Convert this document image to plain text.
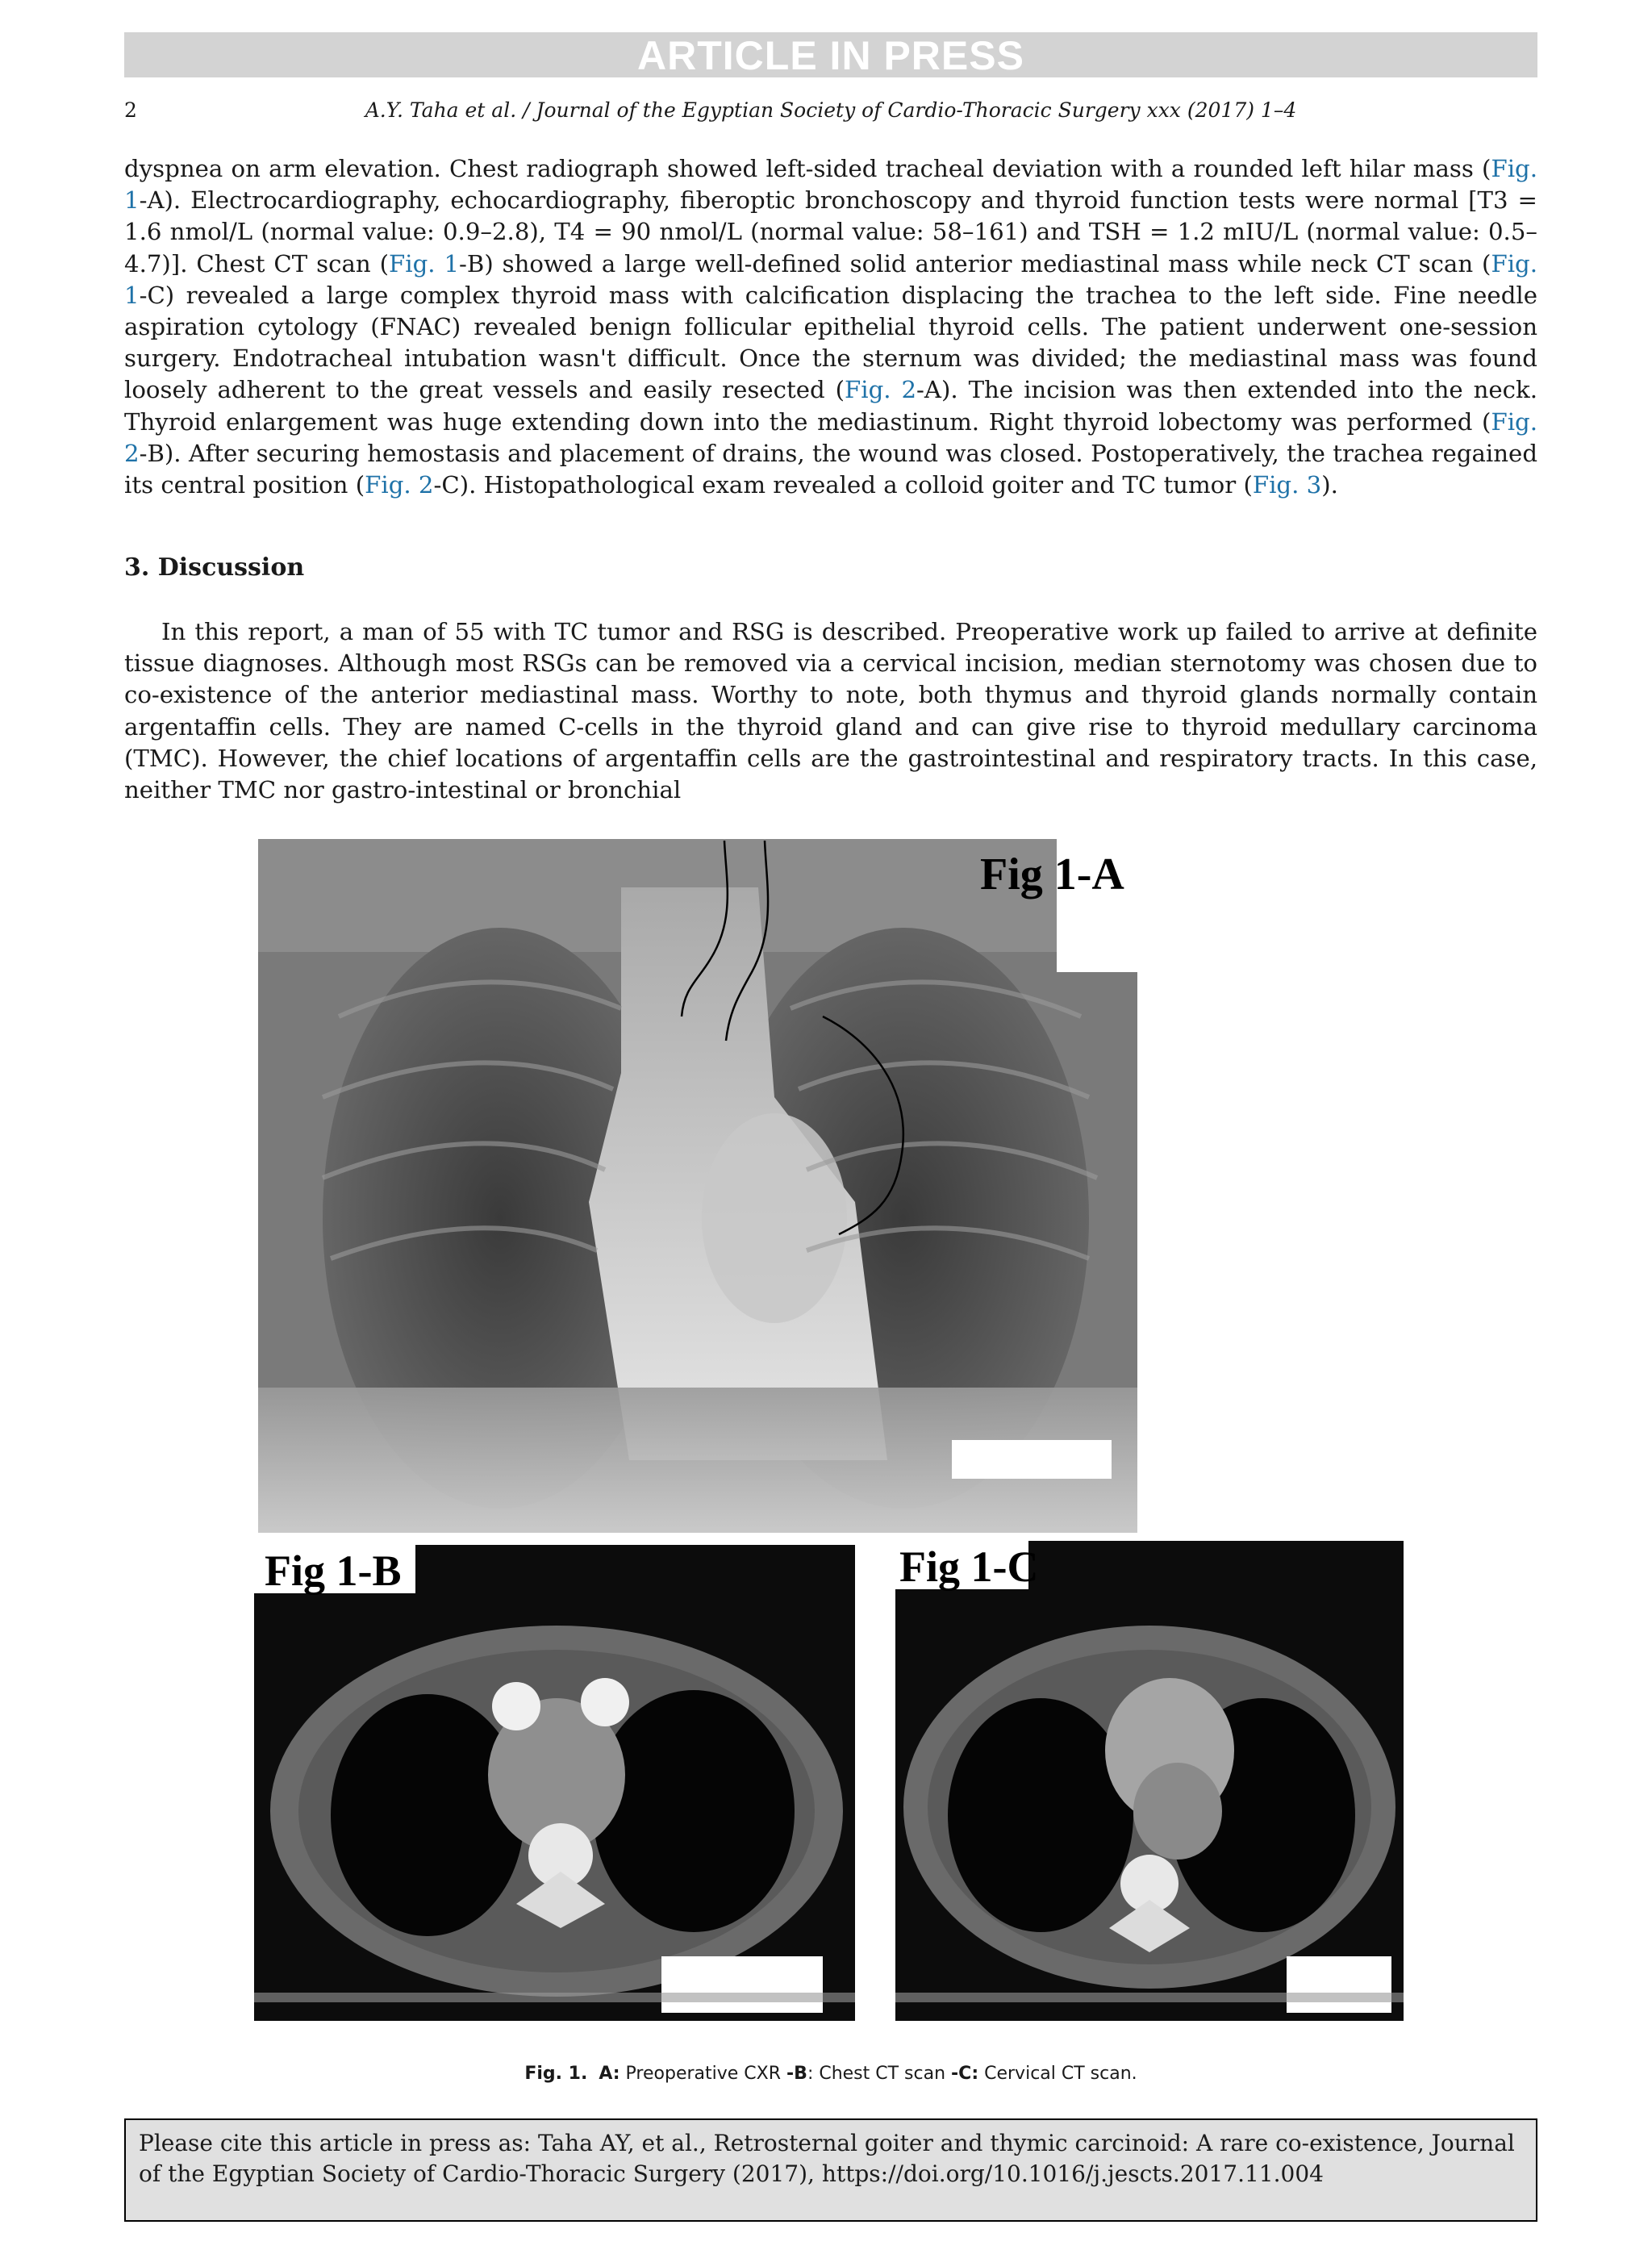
ARTICLE IN PRESS
2	A.Y. Taha et al. / Journal of the Egyptian Society of Cardio-Thoracic Surgery xxx (2017) 1–4

dyspnea on arm elevation. Chest radiograph showed left-sided tracheal deviation with a rounded left hilar mass (Fig. 1-A). Electrocardiography, echocardiography, fiberoptic bronchoscopy and thyroid function tests were normal [T3 = 1.6 nmol/L (normal value: 0.9–2.8), T4 = 90 nmol/L (normal value: 58–161) and TSH = 1.2 mIU/L (normal value: 0.5–4.7)]. Chest CT scan (Fig. 1-B) showed a large well-defined solid anterior mediastinal mass while neck CT scan (Fig. 1-C) revealed a large complex thyroid mass with calcification displacing the trachea to the left side. Fine needle aspiration cytology (FNAC) revealed benign follicular epithelial thyroid cells. The patient underwent one-session surgery. Endotracheal intubation wasn't difficult. Once the sternum was divided; the mediastinal mass was found loosely adherent to the great vessels and easily resected (Fig. 2-A). The incision was then extended into the neck. Thyroid enlargement was huge extending down into the mediastinum. Right thyroid lobectomy was performed (Fig. 2-B). After securing hemostasis and placement of drains, the wound was closed. Postoperatively, the trachea regained its central position (Fig. 2-C). Histopathological exam revealed a colloid goiter and TC tumor (Fig. 3).

3. Discussion

In this report, a man of 55 with TC tumor and RSG is described. Preoperative work up failed to arrive at definite tissue diagnoses. Although most RSGs can be removed via a cervical incision, median sternotomy was chosen due to co-existence of the anterior mediastinal mass. Worthy to note, both thymus and thyroid glands normally contain argentaffin cells. They are named C-cells in the thyroid gland and can give rise to thyroid medullary carcinoma (TMC). However, the chief locations of argentaffin cells are the gastrointestinal and respiratory tracts. In this case, neither TMC nor gastro-intestinal or bronchial

Fig 1-A
Fig 1-B	Fig 1-C
Fig. 1. A: Preoperative CXR -B: Chest CT scan -C: Cervical CT scan.
Please cite this article in press as: Taha AY, et al., Retrosternal goiter and thymic carcinoid: A rare co-existence, Journal of the Egyptian Society of Cardio-Thoracic Surgery (2017), https://doi.org/10.1016/j.jescts.2017.11.004
